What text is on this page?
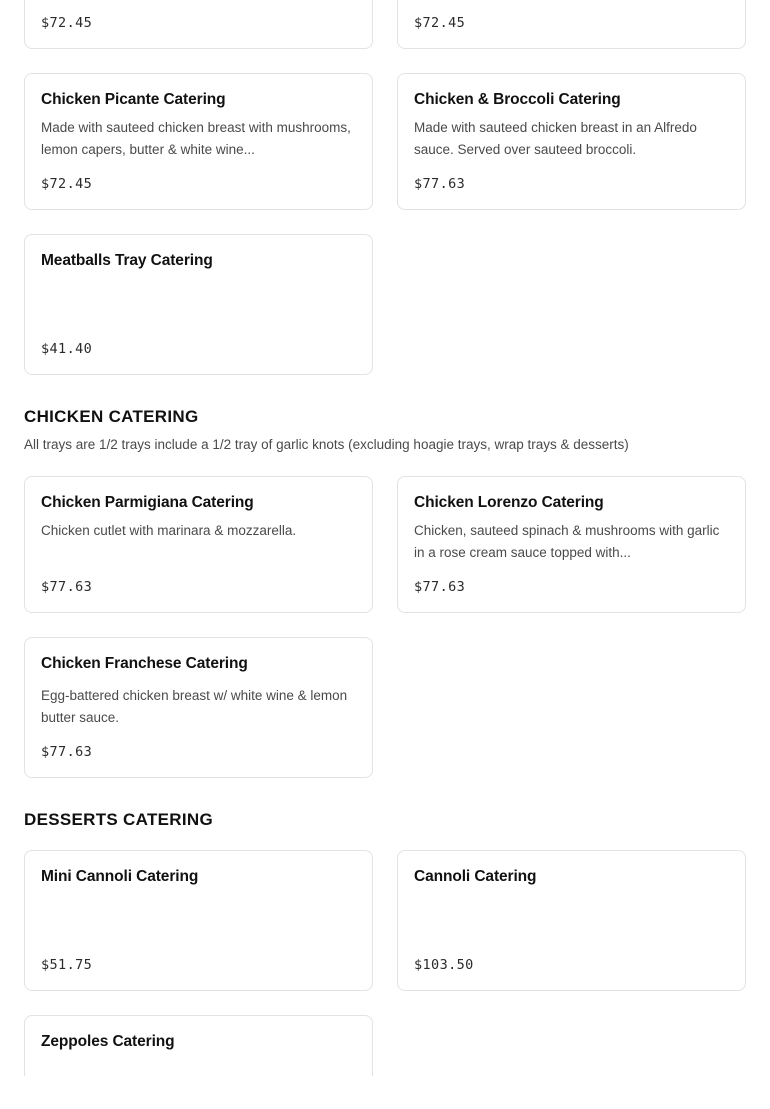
$72.45	$72.45
Chicken Picante Catering

Made with sauteed chicken breast with mushrooms, lemon capers, butter & white wine...

$72.45
Chicken & Broccoli Catering

Made with sauteed chicken breast in an Alfredo sauce. Served over sauteed broccoli.

$77.63
Meatballs Tray Catering
$41.40
CHICKEN CATERING

All trays are 1/2 trays include a 1/2 tray of garlic knots (excluding hoagie trays, wrap trays & desserts)

Chicken Parmigiana Catering

Chicken cutlet with marinara & mozzarella.

$77.63
Chicken Lorenzo Catering

Chicken, sauteed spinach & mushrooms with garlic in a rose cream sauce topped with...

$77.63
Chicken Franchese Catering

Egg-battered chicken breast w/ white wine & lemon butter sauce.

$77.63
DESSERTS CATERING
Mini Cannoli Catering
$51.75
Cannoli Catering
$103.50
Zeppoles Catering
